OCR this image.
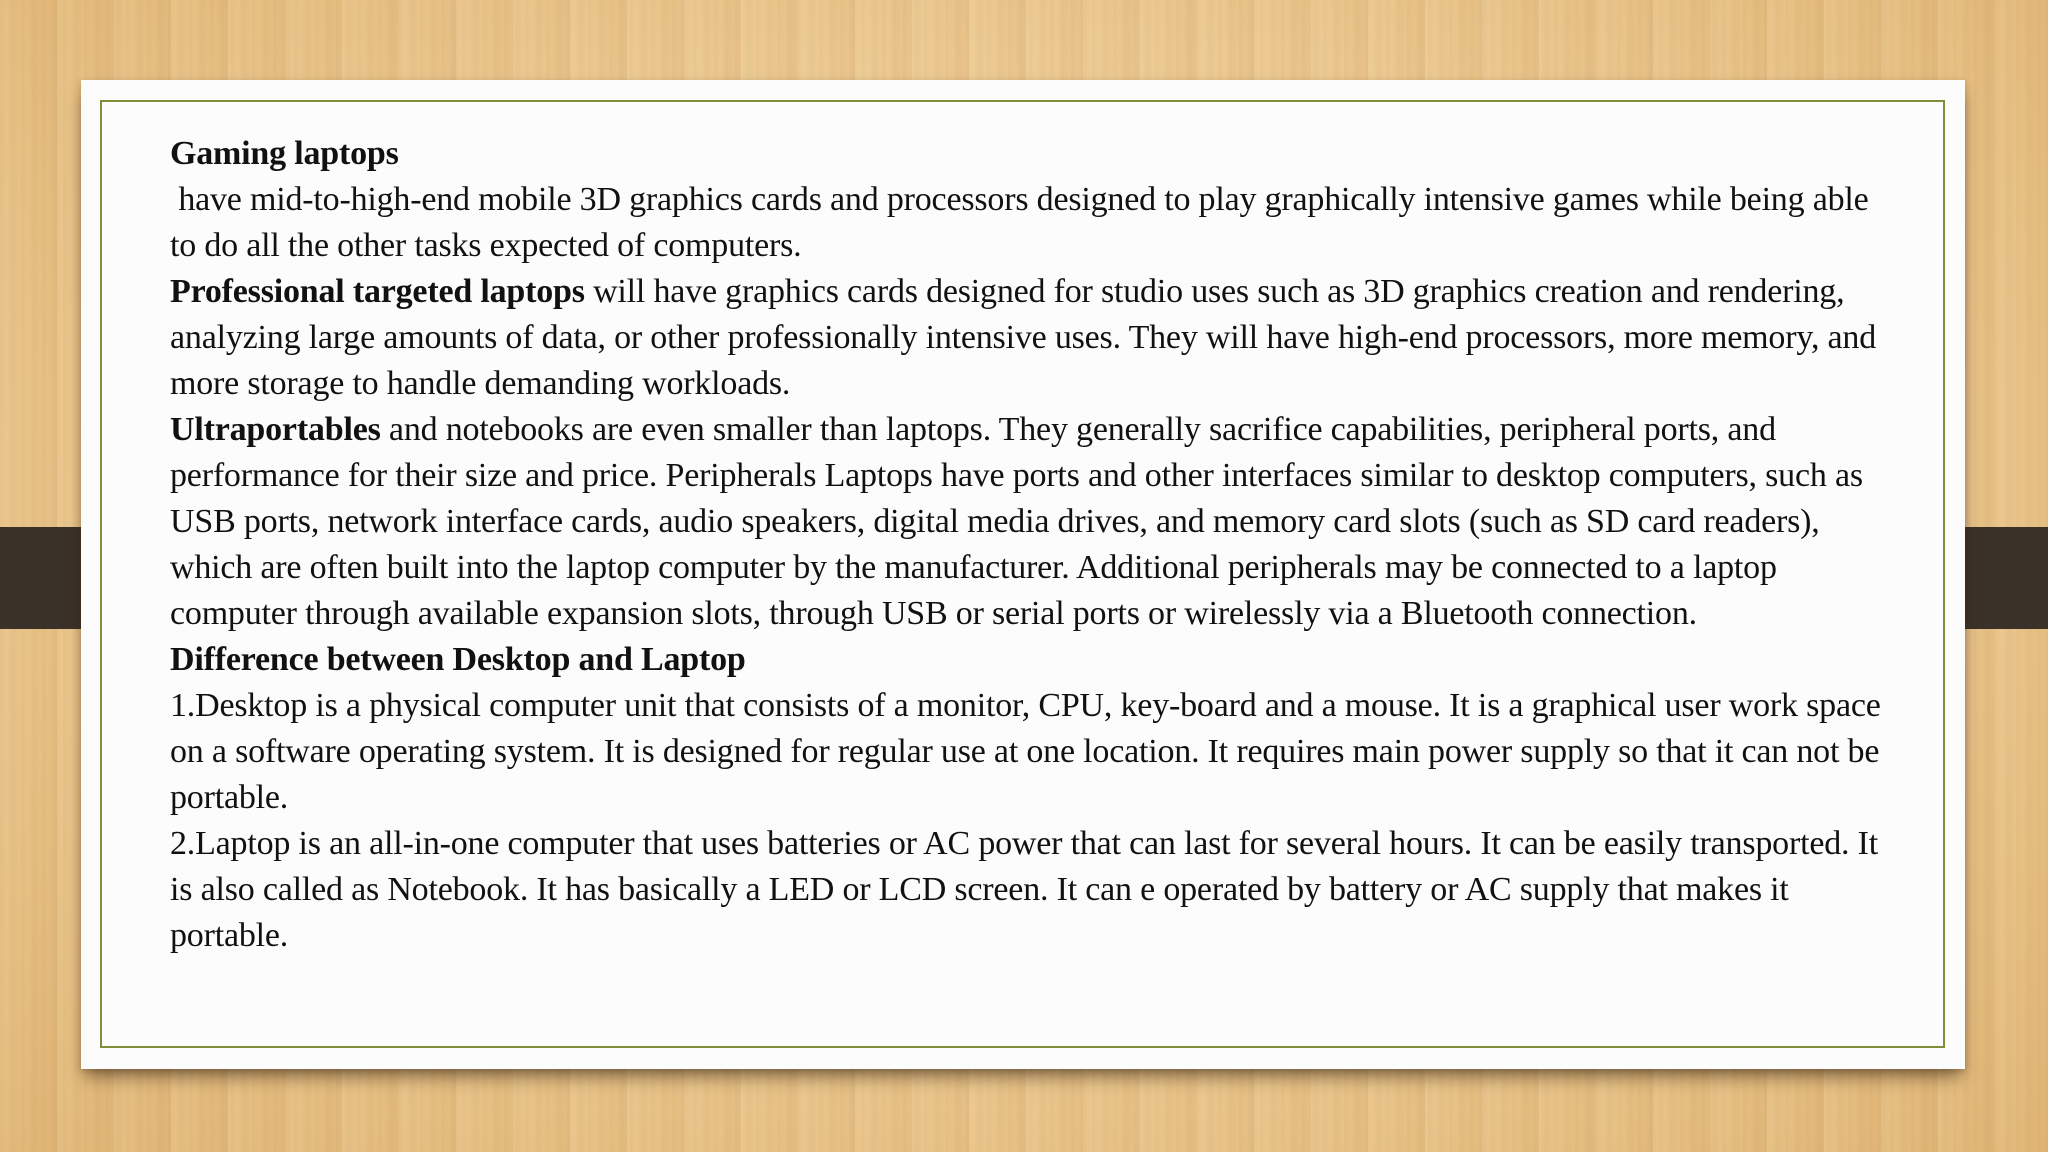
Gaming laptops

have mid-to-high-end mobile 3D graphics cards and processors designed to play graphically intensive games while being able to do all the other tasks expected of computers.

Professional targeted laptops will have graphics cards designed for studio uses such as 3D graphics creation and rendering, analyzing large amounts of data, or other professionally intensive uses. They will have high-end processors, more memory, and more storage to handle demanding workloads.

Ultraportables and notebooks are even smaller than laptops. They generally sacrifice capabilities, peripheral ports, and performance for their size and price. Peripherals Laptops have ports and other interfaces similar to desktop computers, such as USB ports, network interface cards, audio speakers, digital media drives, and memory card slots (such as SD card readers), which are often built into the laptop computer by the manufacturer. Additional peripherals may be connected to a laptop computer through available expansion slots, through USB or serial ports or wirelessly via a Bluetooth connection.

Difference between Desktop and Laptop

1.Desktop is a physical computer unit that consists of a monitor, CPU, key-board and a mouse. It is a graphical user work space on a software operating system. It is designed for regular use at one location. It requires main power supply so that it can not be portable.

2.Laptop is an all-in-one computer that uses batteries or AC power that can last for several hours. It can be easily transported. It is also called as Notebook. It has basically a LED or LCD screen. It can e operated by battery or AC supply that makes it portable.
